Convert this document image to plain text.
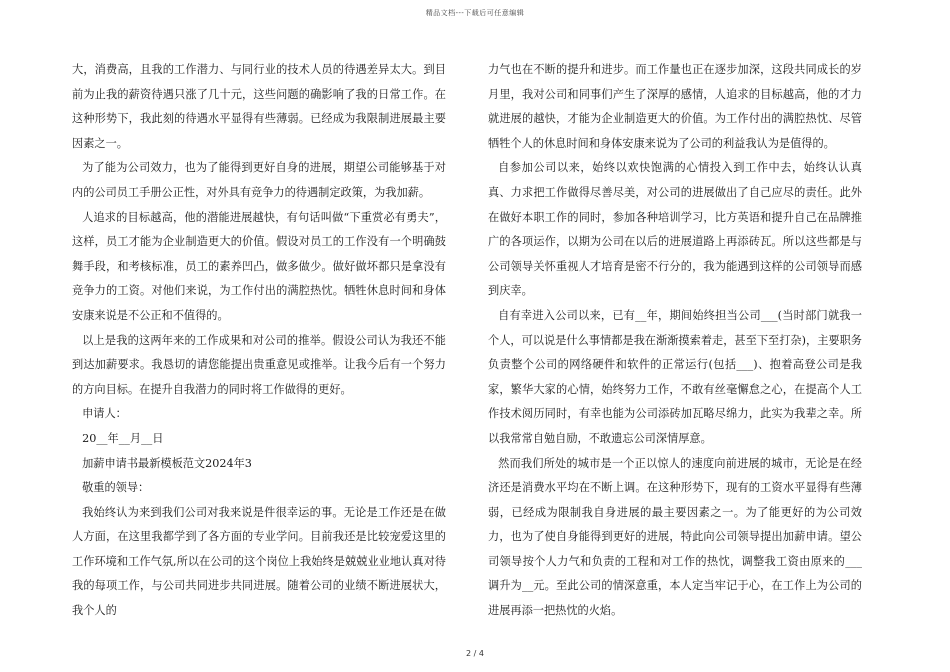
精品文档---下载后可任意编辑

大，消费高，且我的工作潜力、与同行业的技术人员的待遇差异太大。到目前为止我的薪资待遇只涨了几十元，这些问题的确影响了我的日常工作。在这种形势下，我此刻的待遇水平显得有些薄弱。已经成为我限制进展最主要因素之一。

为了能为公司效力，也为了能得到更好自身的进展，期望公司能够基于对内的公司员工手册公正性，对外具有竞争力的待遇制定政策，为我加薪。

人追求的目标越高，他的潜能进展越快，有句话叫做“下重赏必有勇夫”，这样，员工才能为企业制造更大的价值。假设对员工的工作没有一个明确鼓舞手段，和考核标准，员工的素养凹凸，做多做少。做好做坏都只是拿没有竞争力的工资。对他们来说，为工作付出的满腔热忱。牺牲休息时间和身体安康来说是不公正和不值得的。

以上是我的这两年来的工作成果和对公司的推举。假设公司认为我还不能到达加薪要求。我恳切的请您能提出贵重意见或推举。让我今后有一个努力的方向目标。在提升自我潜力的同时将工作做得的更好。

申请人：

20__年__月__日

加薪申请书最新模板范文2024年3

敬重的领导：

我始终认为来到我们公司对我来说是件很幸运的事。无论是工作还是在做人方面，在这里我都学到了各方面的专业学问。目前我还是比较宠爱这里的工作环境和工作气氛,所以在公司的这个岗位上我始终是兢兢业业地认真对待我的每项工作，与公司共同进步共同进展。随着公司的业绩不断进展状大，我个人的

力气也在不断的提升和进步。而工作量也正在逐步加深，这段共同成长的岁月里，我对公司和同事们产生了深厚的感情，人追求的目标越高，他的才力就进展的越快，才能为企业制造更大的价值。为工作付出的满腔热忱、尽管牺牲个人的休息时间和身体安康来说为了公司的利益我认为是值得的。

自参加公司以来，始终以欢快饱满的心情投入到工作中去，始终认认真真、力求把工作做得尽善尽美，对公司的进展做出了自己应尽的责任。此外在做好本职工作的同时，参加各种培训学习，比方英语和提升自己在品牌推广的各项运作，以期为公司在以后的进展道路上再添砖瓦。所以这些都是与公司领导关怀重视人才培育是密不行分的，我为能遇到这样的公司领导而感到庆幸。

自有幸进入公司以来，已有__年，期间始终担当公司___(当时部门就我一个人，可以说是什么事情都是我在渐渐摸索着走，甚至下至打杂)，主要职务负责整个公司的网络硬件和软件的正常运行(包括___)、抱着高登公司是我家，繁华大家的心情，始终努力工作，不敢有丝毫懈怠之心，在提高个人工作技术阅历同时，有幸也能为公司添砖加瓦略尽绵力，此实为我辈之幸。所以我常常自勉自励，不敢遗忘公司深情厚意。

然而我们所处的城市是一个正以惊人的速度向前进展的城市，无论是在经济还是消费水平均在不断上调。在这种形势下，现有的工资水平显得有些薄弱，已经成为限制我自身进展的最主要因素之一。为了能更好的为公司效力，也为了使自身能得到更好的进展，特此向公司领导提出加薪申请。望公司领导按个人力气和负责的工程和对工作的热忱，调整我工资由原来的___调升为__元。至此公司的情深意重，本人定当牢记于心，在工作上为公司的进展再添一把热忱的火焰。

2 / 4
